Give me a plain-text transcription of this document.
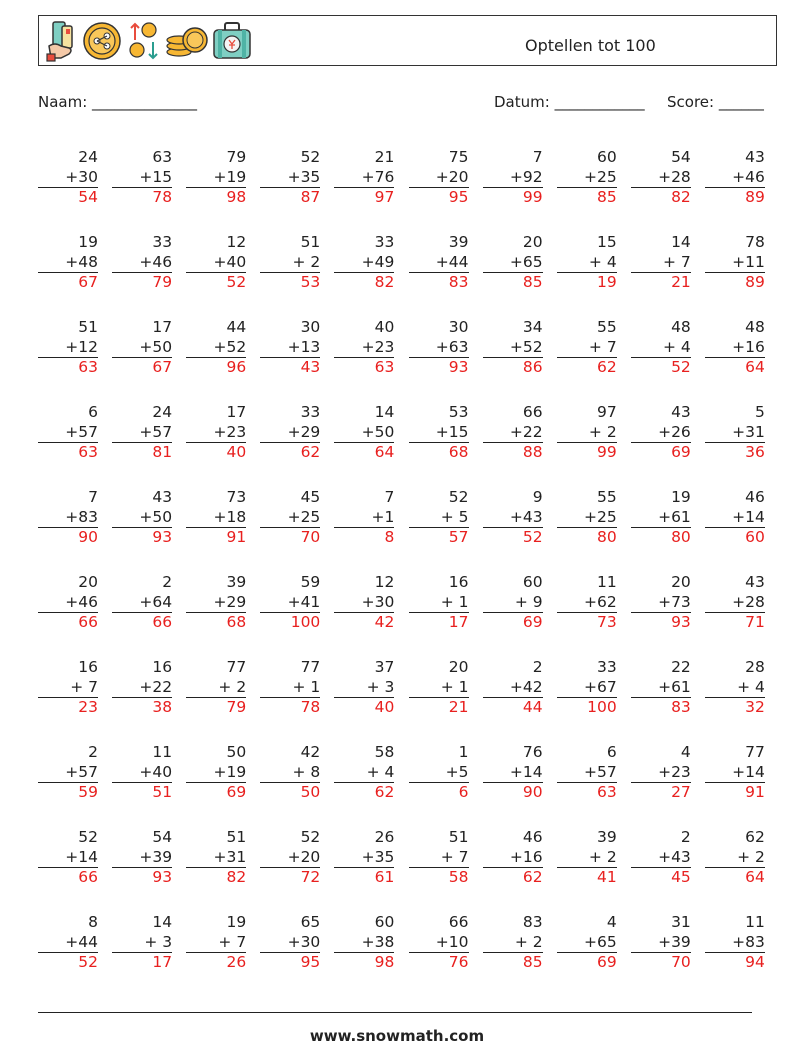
Optellen tot 100
Naam: ______________	Datum: ____________ Score: ______
24
+30
54
63
+15
78
79
+19
98
52
+35
87
21
+76
97
75
+20
95
7
+92
99
60
+25
85
54
+28
82
43
+46
89
19
+48
67
33
+46
79
12
+40
52
51
+ 2
53
33
+49
82
39
+44
83
20
+65
85
15
+ 4
19
14
+ 7
21
78
+11
89
51
+12
63
17
+50
67
44
+52
96
30
+13
43
40
+23
63
30
+63
93
34
+52
86
55
+ 7
62
48
+ 4
52
48
+16
64
6
+57
63
24
+57
81
17
+23
40
33
+29
62
14
+50
64
53
+15
68
66
+22
88
97
+ 2
99
43
+26
69
5
+31
36
7
+83
90
43
+50
93
73
+18
91
45
+25
70
7
+1
8
52
+ 5
57
9
+43
52
55
+25
80
19
+61
80
46
+14
60
20
+46
66
2
+64
66
39
+29
68
59
+41
100
12
+30
42
16
+ 1
17
60
+ 9
69
11
+62
73
20
+73
93
43
+28
71
16
+ 7
23
16
+22
38
77
+ 2
79
77
+ 1
78
37
+ 3
40
20
+ 1
21
2
+42
44
33
+67
100
22
+61
83
28
+ 4
32
2
+57
59
11
+40
51
50
+19
69
42
+ 8
50
58
+ 4
62
1
+5
6
76
+14
90
6
+57
63
4
+23
27
77
+14
91
52
+14
66
54
+39
93
51
+31
82
52
+20
72
26
+35
61
51
+ 7
58
46
+16
62
39
+ 2
41
2
+43
45
62
+ 2
64
8
+44
52
14
+ 3
17
19
+ 7
26
65
+30
95
60
+38
98
66
+10
76
83
+ 2
85
4
+65
69
31
+39
70
11
+83
94
www.snowmath.com
